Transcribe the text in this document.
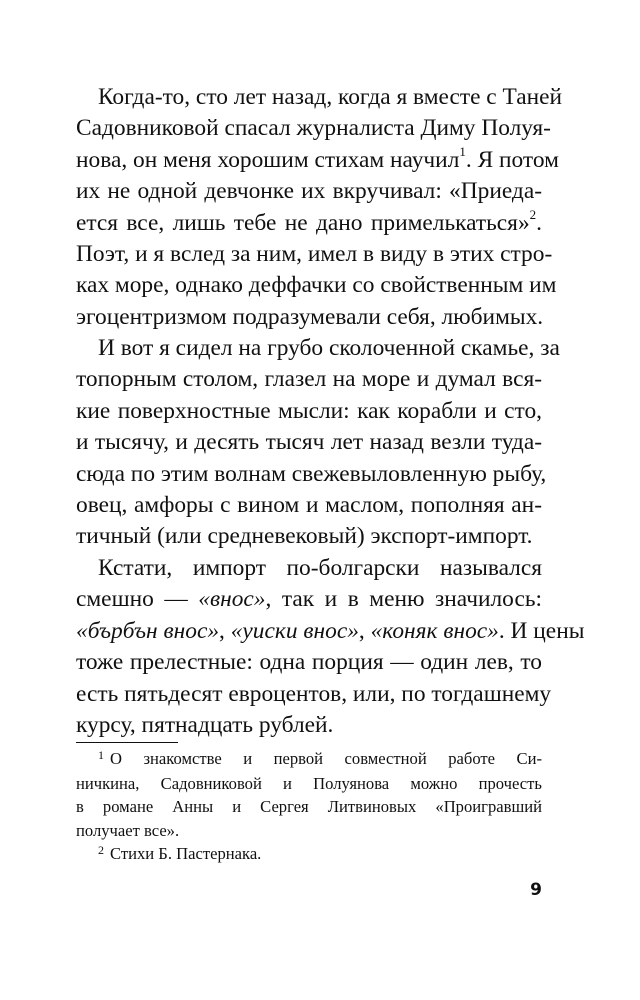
Когда-то, сто лет назад, когда я вместе с Таней
Садовниковой спасал журналиста Диму Полуя-
нова, он меня хорошим стихам научил$^1$. Я потом
их не одной девчонке их вкручивал: «Приеда-
ется все, лишь тебе не дано примелькаться»$^2$.
Поэт, и я вслед за ним, имел в виду в этих стро-
ках море, однако деффачки со свойственным им
эгоцентризмом подразумевали себя, любимых.
И вот я сидел на грубо сколоченной скамье, за
топорным столом, глазел на море и думал вся-
кие поверхностные мысли: как корабли и сто,
и тысячу, и десять тысяч лет назад везли туда-
сюда по этим волнам свежевыловленную рыбу,
овец, амфоры с вином и маслом, пополняя ан-
тичный (или средневековый) экспорт-импорт.
Кстати, импорт по-болгарски назывался
смешно — «внос», так и в меню значилось:
«бърбън внос», «уиски внос», «коняк внос». И цены
тоже прелестные: одна порция — один лев, то
есть пятьдесят евроцентов, или, по тогдашнему
курсу, пятнадцать рублей.
$^1$ О знакомстве и первой совместной работе Си-
ничкина, Садовниковой и Полуянова можно прочесть
в романе Анны и Сергея Литвиновых «Проигравший
получает все».
$^2$ Стихи Б. Пастернака.
9
